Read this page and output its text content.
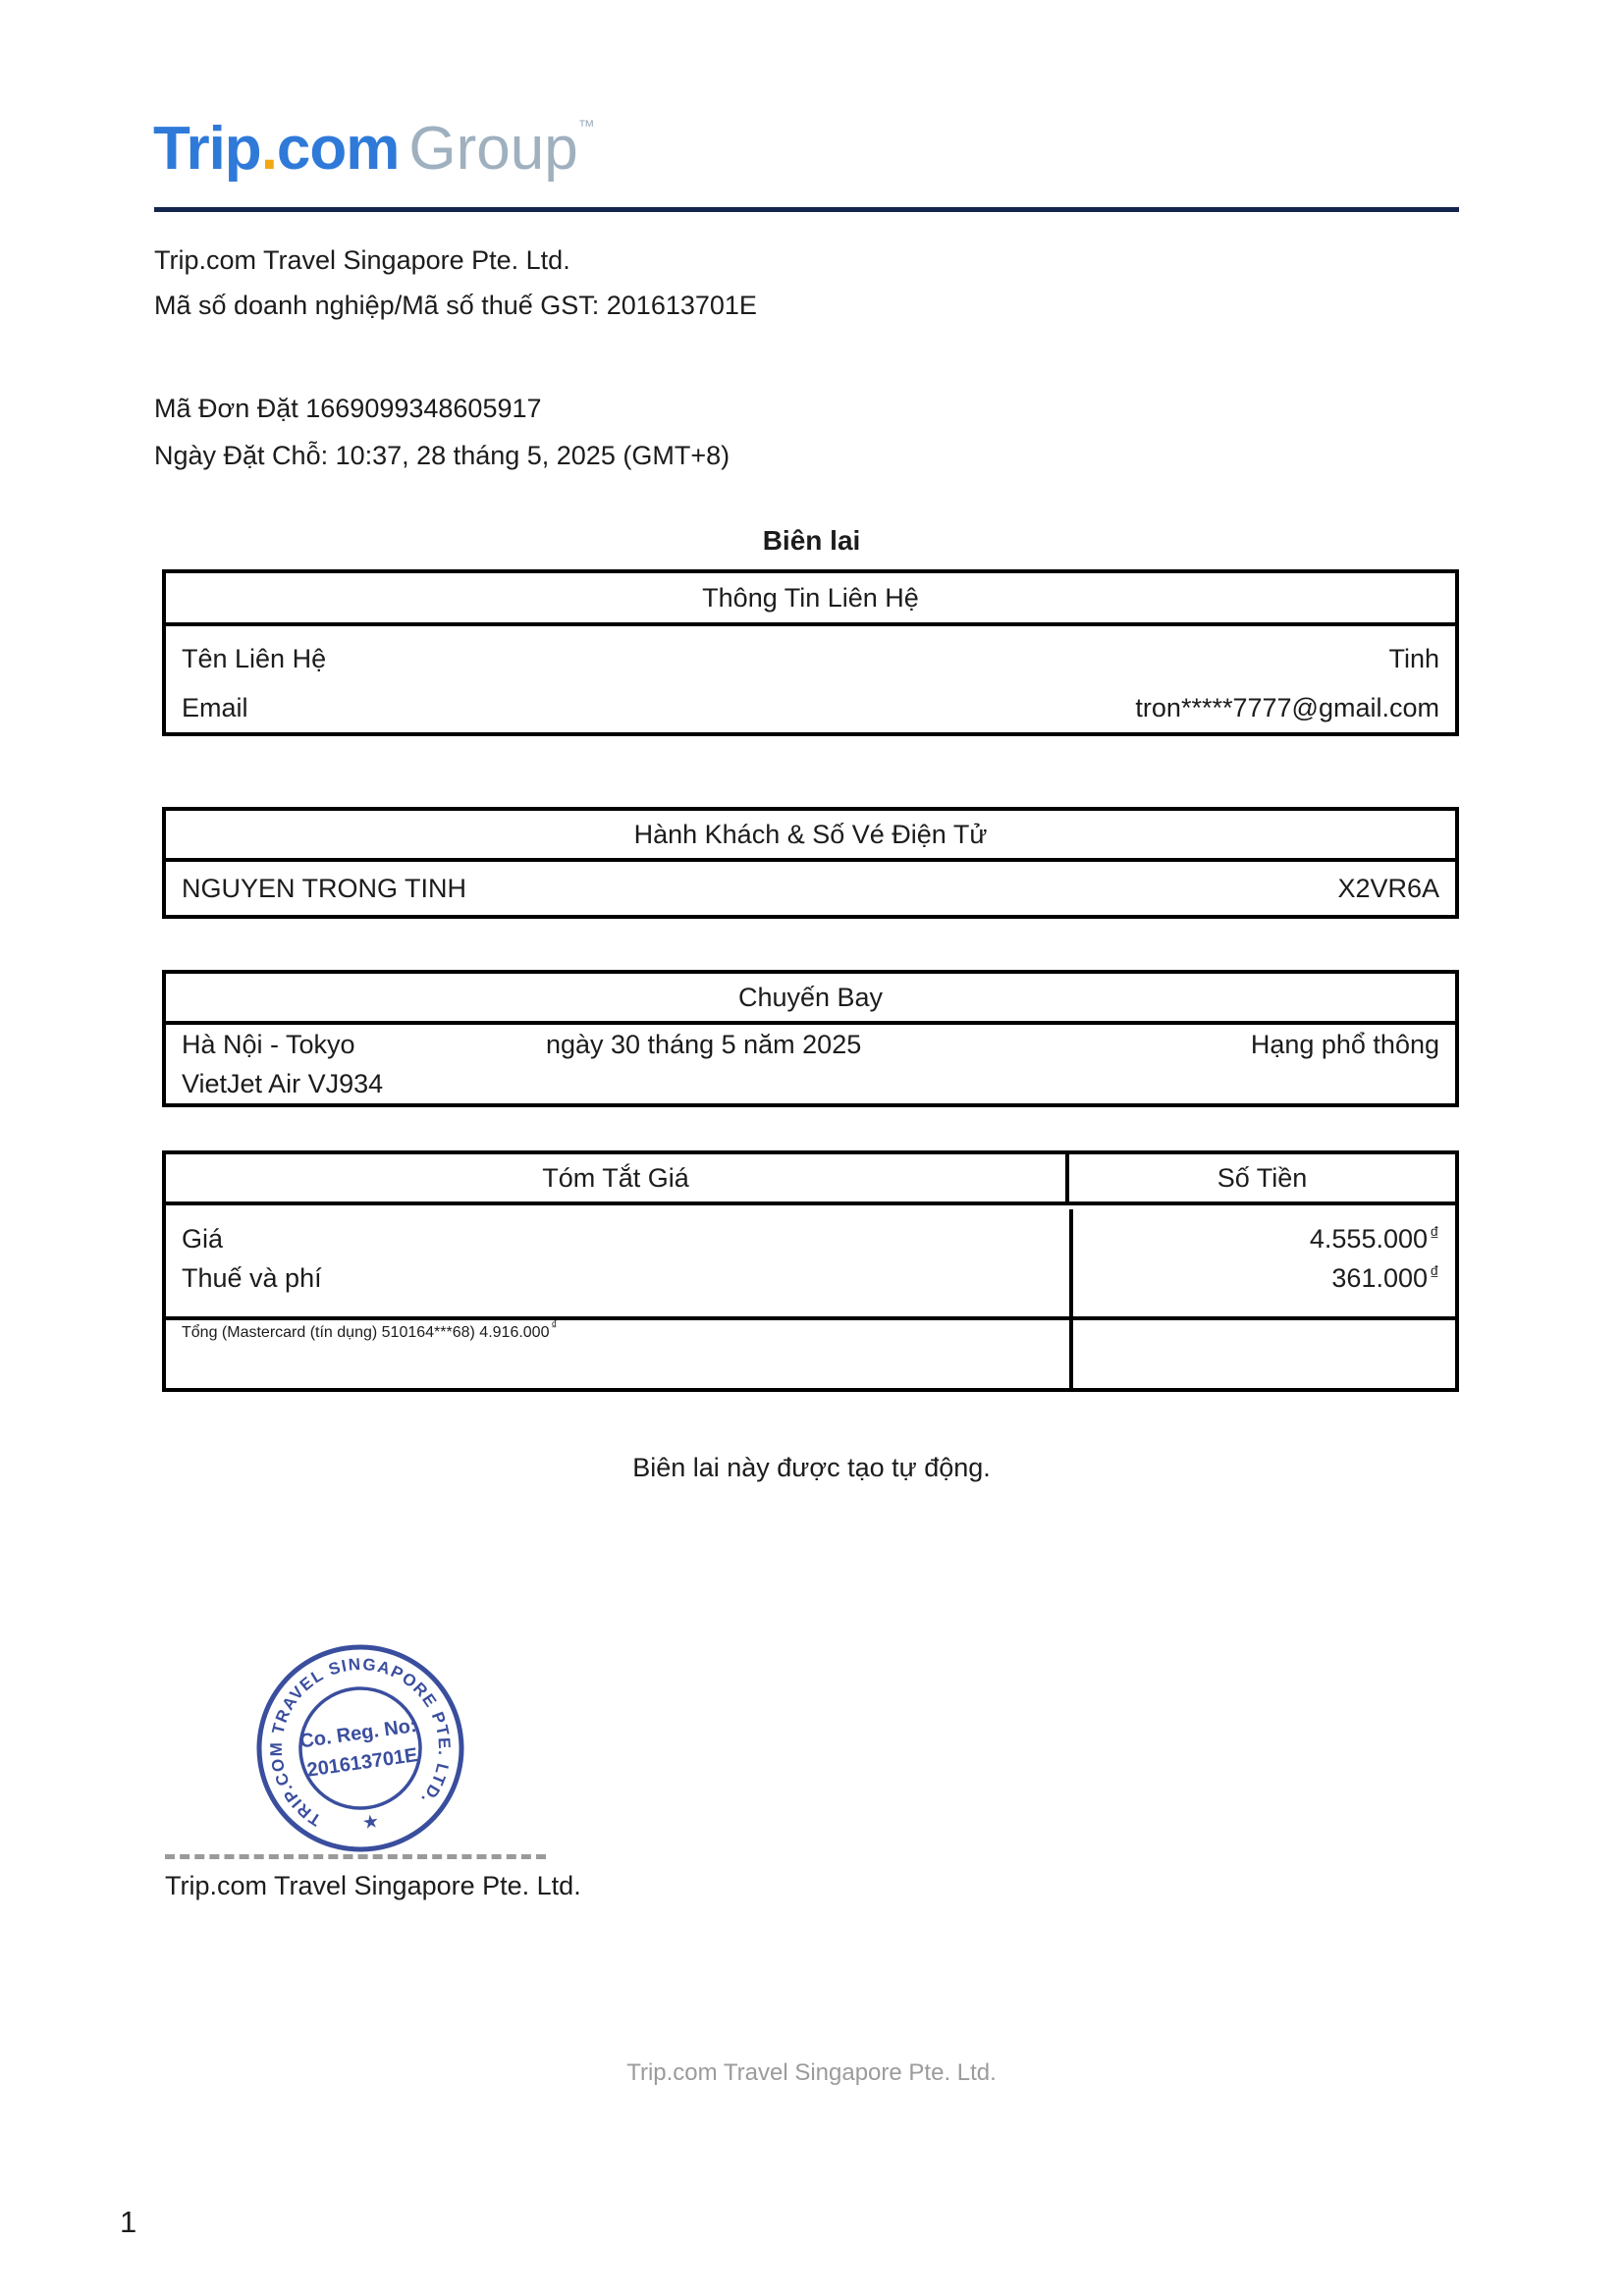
Trip.com Group™
Trip.com Travel Singapore Pte. Ltd.
Mã số doanh nghiệp/Mã số thuế GST: 201613701E
Mã Đơn Đặt 1669099348605917
Ngày Đặt Chỗ: 10:37, 28 tháng 5, 2025 (GMT+8)
Biên lai
Thông Tin Liên Hệ
Tên Liên Hệ	Tinh
Email	tron*****7777@gmail.com
Hành Khách & Số Vé Điện Tử
NGUYEN TRONG TINH	X2VR6A
Chuyến Bay
Hà Nội - Tokyo	ngày 30 tháng 5 năm 2025	Hạng phổ thông
VietJet Air VJ934
Tóm Tắt Giá	Số Tiền
Giá	4.555.000 ₫
Thuế và phí	361.000 ₫
Tổng (Mastercard (tín dụng) 510164***68) 4.916.000 ₫
Biên lai này được tạo tự động.
TRIP.COM TRAVEL SINGAPORE PTE. LTD.
Co. Reg. No:
201613701E
★
Trip.com Travel Singapore Pte. Ltd.
Trip.com Travel Singapore Pte. Ltd.
1
